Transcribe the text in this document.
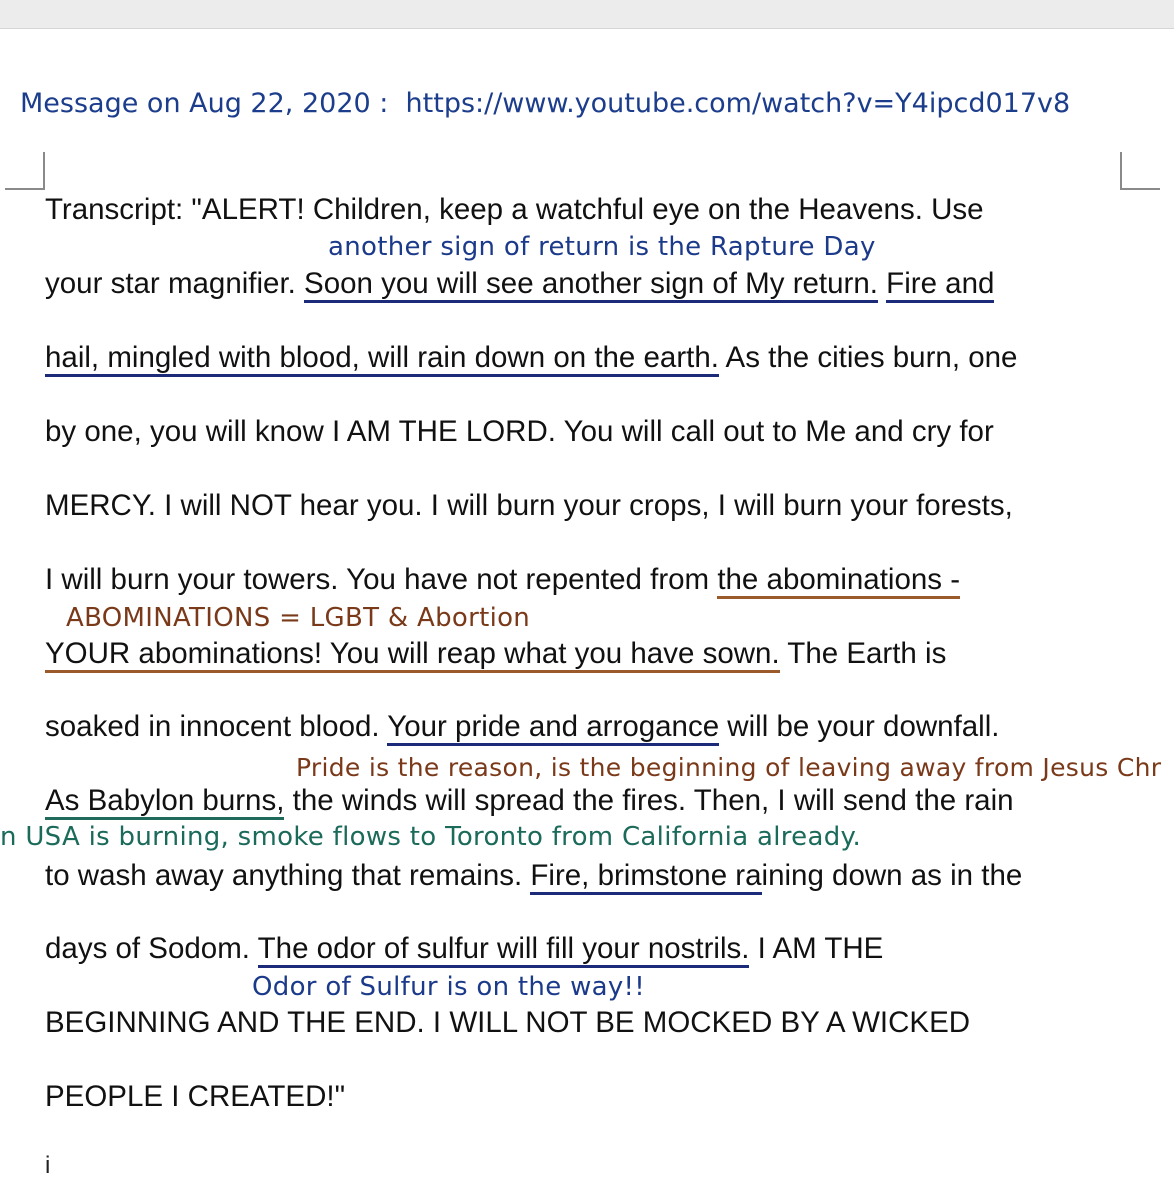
Message on Aug 22, 2020 : https://www.youtube.com/watch?v=Y4ipcd017v8
Transcript: "ALERT! Children, keep a watchful eye on the Heavens. Use
another sign of return is the Rapture Day
your star magnifier. Soon you will see another sign of My return. Fire and
hail, mingled with blood, will rain down on the earth. As the cities burn, one
by one, you will know I AM THE LORD. You will call out to Me and cry for
MERCY. I will NOT hear you. I will burn your crops, I will burn your forests,
I will burn your towers. You have not repented from the abominations -
ABOMINATIONS = LGBT & Abortion
YOUR abominations! You will reap what you have sown. The Earth is
soaked in innocent blood. Your pride and arrogance will be your downfall.
Pride is the reason, is the beginning of leaving away from Jesus Chr
As Babylon burns, the winds will spread the fires. Then, I will send the rain
n USA is burning, smoke flows to Toronto from California already.
to wash away anything that remains. Fire, brimstone raining down as in the
days of Sodom. The odor of sulfur will fill your nostrils. I AM THE
Odor of Sulfur is on the way!!
BEGINNING AND THE END. I WILL NOT BE MOCKED BY A WICKED
PEOPLE I CREATED!"
i
